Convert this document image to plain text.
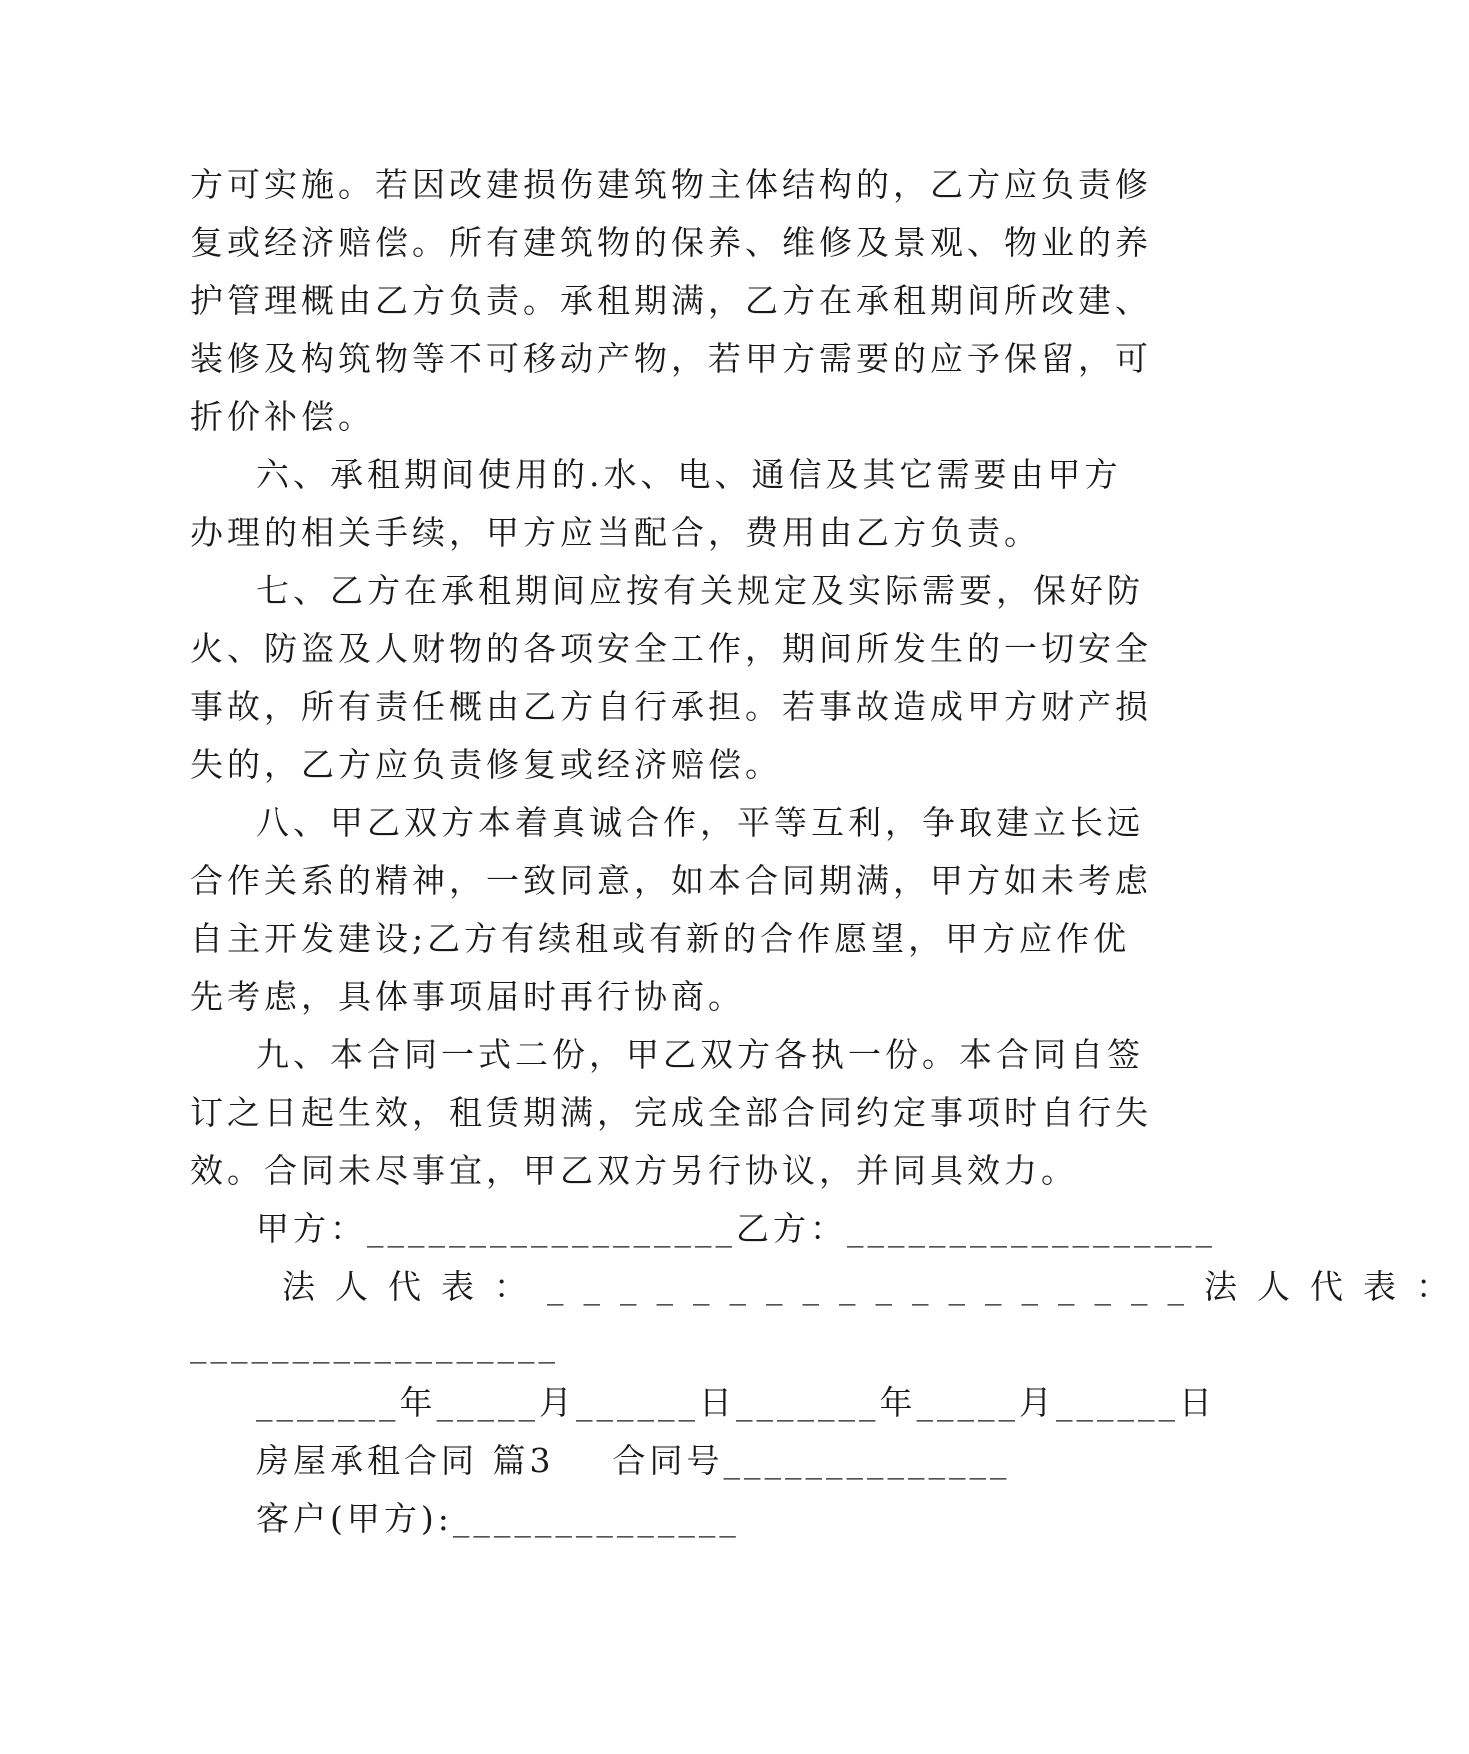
方可实施。若因改建损伤建筑物主体结构的，乙方应负责修
复或经济赔偿。所有建筑物的保养、维修及景观、物业的养
护管理概由乙方负责。承租期满，乙方在承租期间所改建、
装修及构筑物等不可移动产物，若甲方需要的应予保留，可
折价补偿。
六、承租期间使用的.水、电、通信及其它需要由甲方
办理的相关手续，甲方应当配合，费用由乙方负责。
七、乙方在承租期间应按有关规定及实际需要，保好防
火、防盗及人财物的各项安全工作，期间所发生的一切安全
事故，所有责任概由乙方自行承担。若事故造成甲方财产损
失的，乙方应负责修复或经济赔偿。
八、甲乙双方本着真诚合作，平等互利，争取建立长远
合作关系的精神，一致同意，如本合同期满，甲方如未考虑
自主开发建设;乙方有续租或有新的合作愿望，甲方应作优
先考虑，具体事项届时再行协商。
九、本合同一式二份，甲乙双方各执一份。本合同自签
订之日起生效，租赁期满，完成全部合同约定事项时自行失
效。合同未尽事宜，甲乙双方另行协议，并同具效力。
甲方：__________________乙方：__________________
法人代表：__________________法人代表：
__________________
_______年_____月______日_______年_____月______日
房屋承租合同 篇3    合同号______________
客户(甲方):______________
